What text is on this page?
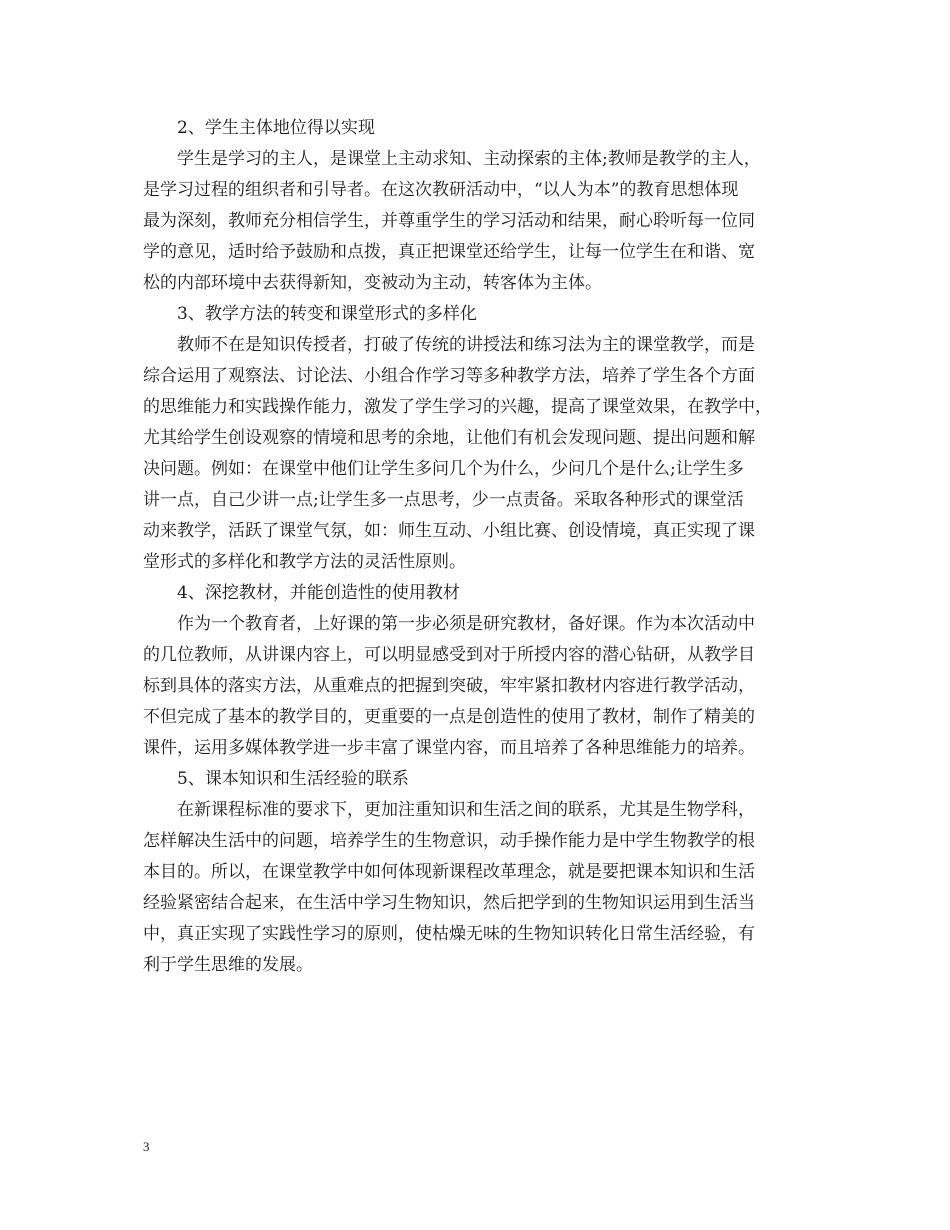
2、学生主体地位得以实现
学生是学习的主人，是课堂上主动求知、主动探索的主体;教师是教学的主人，
是学习过程的组织者和引导者。在这次教研活动中，“以人为本”的教育思想体现
最为深刻，教师充分相信学生，并尊重学生的学习活动和结果，耐心聆听每一位同
学的意见，适时给予鼓励和点拨，真正把课堂还给学生，让每一位学生在和谐、宽
松的内部环境中去获得新知，变被动为主动，转客体为主体。
3、教学方法的转变和课堂形式的多样化
教师不在是知识传授者，打破了传统的讲授法和练习法为主的课堂教学，而是
综合运用了观察法、讨论法、小组合作学习等多种教学方法，培养了学生各个方面
的思维能力和实践操作能力，激发了学生学习的兴趣，提高了课堂效果，在教学中，
尤其给学生创设观察的情境和思考的余地，让他们有机会发现问题、提出问题和解
决问题。例如：在课堂中他们让学生多问几个为什么，少问几个是什么;让学生多
讲一点，自己少讲一点;让学生多一点思考，少一点责备。采取各种形式的课堂活
动来教学，活跃了课堂气氛，如：师生互动、小组比赛、创设情境，真正实现了课
堂形式的多样化和教学方法的灵活性原则。
4、深挖教材，并能创造性的使用教材
作为一个教育者，上好课的第一步必须是研究教材，备好课。作为本次活动中
的几位教师，从讲课内容上，可以明显感受到对于所授内容的潜心钻研，从教学目
标到具体的落实方法，从重难点的把握到突破，牢牢紧扣教材内容进行教学活动，
不但完成了基本的教学目的，更重要的一点是创造性的使用了教材，制作了精美的
课件，运用多媒体教学进一步丰富了课堂内容，而且培养了各种思维能力的培养。
5、课本知识和生活经验的联系
在新课程标准的要求下，更加注重知识和生活之间的联系，尤其是生物学科，
怎样解决生活中的问题，培养学生的生物意识，动手操作能力是中学生物教学的根
本目的。所以，在课堂教学中如何体现新课程改革理念，就是要把课本知识和生活
经验紧密结合起来，在生活中学习生物知识，然后把学到的生物知识运用到生活当
中，真正实现了实践性学习的原则，使枯燥无味的生物知识转化日常生活经验，有
利于学生思维的发展。
3
